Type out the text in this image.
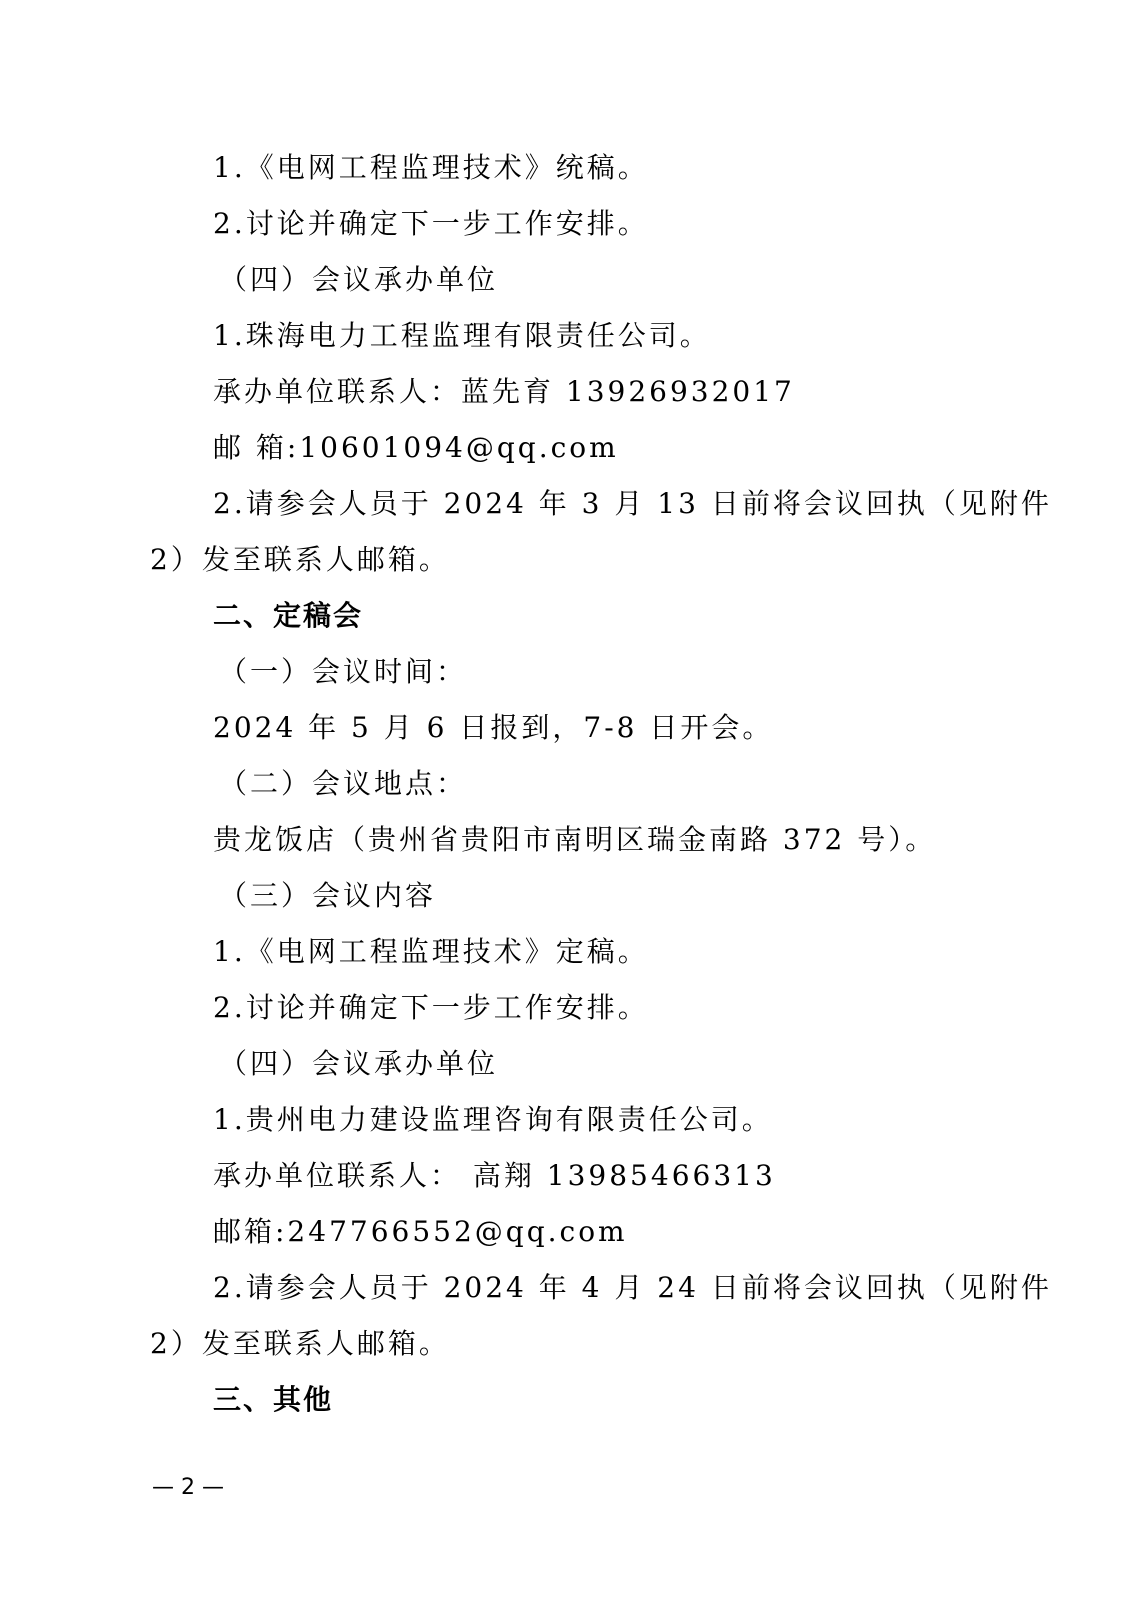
1.《电网工程监理技术》统稿。
2.讨论并确定下一步工作安排。
（四）会议承办单位
1.珠海电力工程监理有限责任公司。
承办单位联系人：蓝先育 13926932017
邮 箱:10601094@qq.com
2.请参会人员于 2024 年 3 月 13 日前将会议回执（见附件
2）发至联系人邮箱。
二、定稿会
（一）会议时间：
2024 年 5 月 6 日报到，7-8 日开会。
（二）会议地点：
贵龙饭店（贵州省贵阳市南明区瑞金南路 372 号）。
（三）会议内容
1.《电网工程监理技术》定稿。
2.讨论并确定下一步工作安排。
（四）会议承办单位
1.贵州电力建设监理咨询有限责任公司。
承办单位联系人： 高翔 13985466313
邮箱:247766552@qq.com
2.请参会人员于 2024 年 4 月 24 日前将会议回执（见附件
2）发至联系人邮箱。
三、其他
— 2 —
